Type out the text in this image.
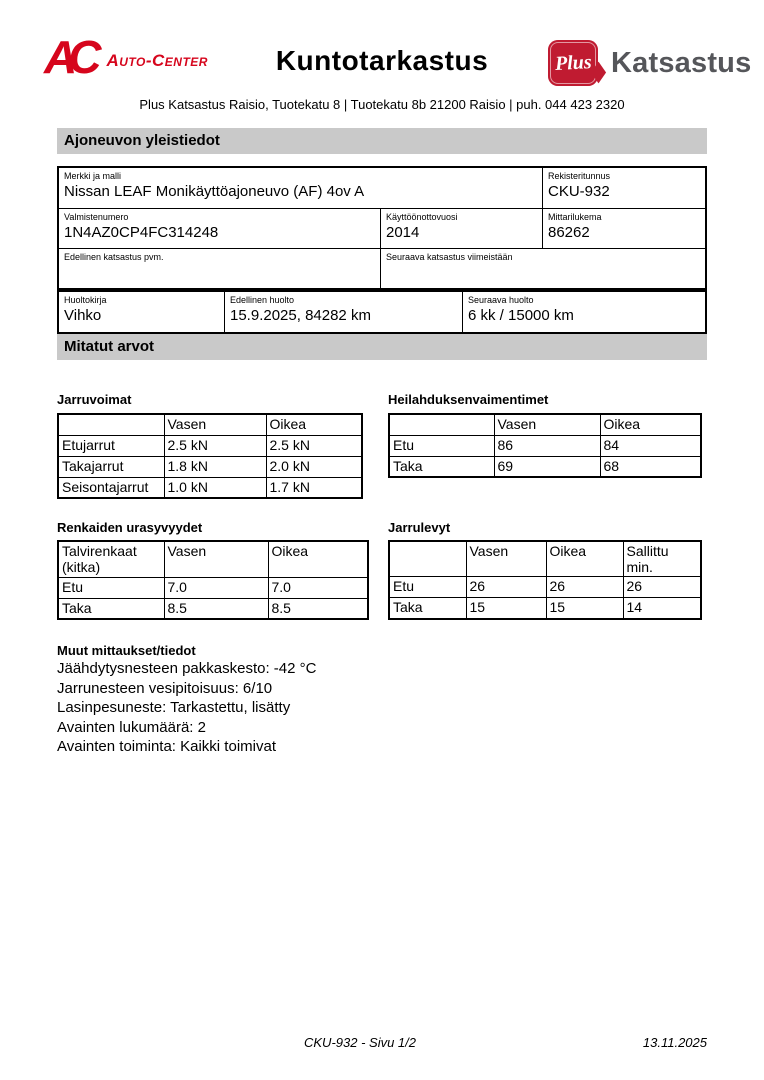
AC Auto-Center	Kuntotarkastus	Plus Katsastus
Plus Katsastus Raisio, Tuotekatu 8 | Tuotekatu 8b 21200 Raisio | puh. 044 423 2320
Ajoneuvon yleistiedot
Merkki ja malli
Nissan LEAF Monikäyttöajoneuvo (AF) 4ov A
Rekisteritunnus
CKU-932
Valmistenumero
1N4AZ0CP4FC314248
Käyttöönottovuosi
2014
Mittarilukema
86262
Edellinen katsastus pvm.	Seuraava katsastus viimeistään
Huoltokirja
Vihko
Edellinen huolto
15.9.2025, 84282 km
Seuraava huolto
6 kk / 15000 km
Mitatut arvot
Jarruvoimat
	Vasen	Oikea
Etujarrut	2.5 kN	2.5 kN
Takajarrut	1.8 kN	2.0 kN
Seisontajarrut	1.0 kN	1.7 kN
Heilahduksenvaimentimet
	Vasen	Oikea
Etu	86	84
Taka	69	68
Renkaiden urasyvyydet
Talvirenkaat (kitka)	Vasen	Oikea
Etu	7.0	7.0
Taka	8.5	8.5
Jarrulevyt
	Vasen	Oikea	Sallittu min.
Etu	26	26	26
Taka	15	15	14
Muut mittaukset/tiedot
Jäähdytysnesteen pakkaskesto: -42 °C
Jarrunesteen vesipitoisuus: 6/10
Lasinpesuneste: Tarkastettu, lisätty
Avainten lukumäärä: 2
Avainten toiminta: Kaikki toimivat
CKU-932 - Sivu 1/2	13.11.2025
